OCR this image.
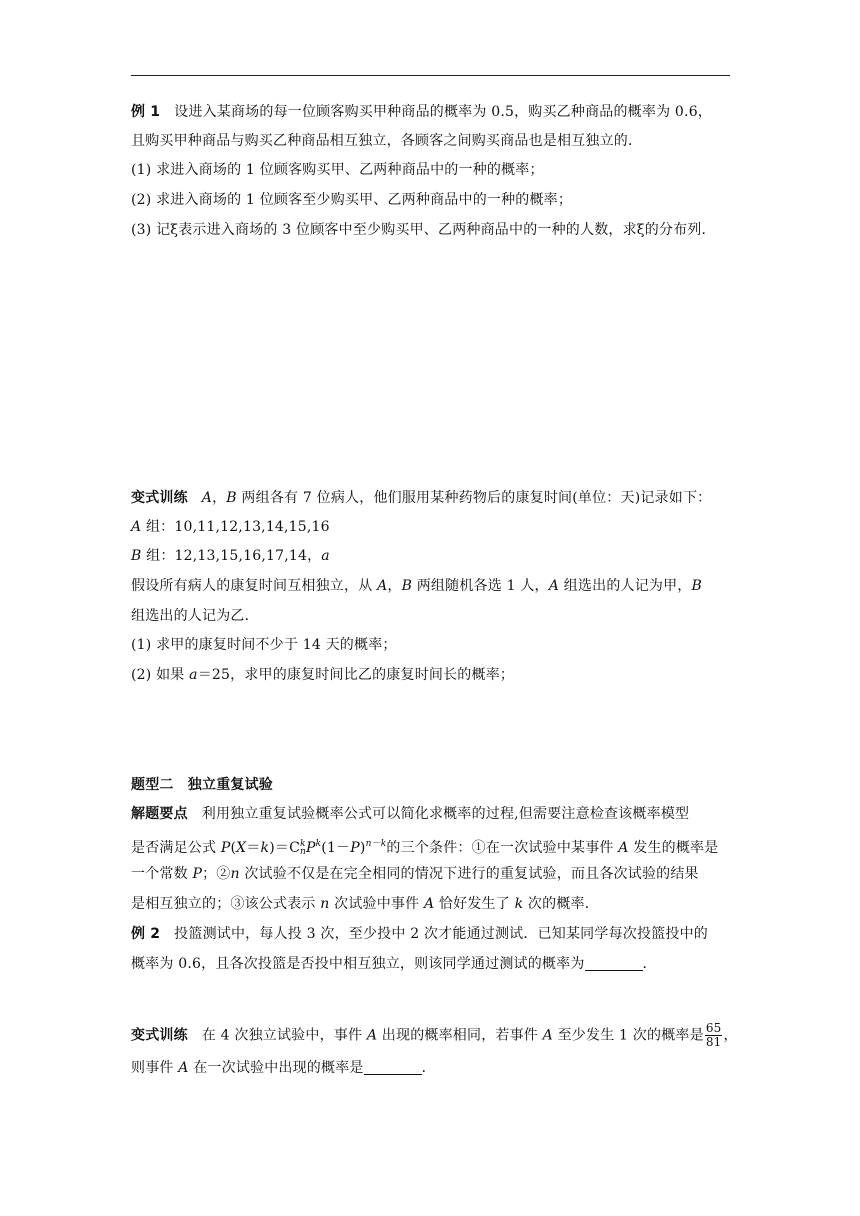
例 1 设进入某商场的每一位顾客购买甲种商品的概率为 0.5，购买乙种商品的概率为 0.6，
且购买甲种商品与购买乙种商品相互独立，各顾客之间购买商品也是相互独立的．
(1) 求进入商场的 1 位顾客购买甲、乙两种商品中的一种的概率；
(2) 求进入商场的 1 位顾客至少购买甲、乙两种商品中的一种的概率；
(3) 记ξ表示进入商场的 3 位顾客中至少购买甲、乙两种商品中的一种的人数，求ξ的分布列．
变式训练 A，B 两组各有 7 位病人，他们服用某种药物后的康复时间(单位：天)记录如下：
A 组：10,11,12,13,14,15,16
B 组：12,13,15,16,17,14，a
假设所有病人的康复时间互相独立，从 A，B 两组随机各选 1 人，A 组选出的人记为甲，B
组选出的人记为乙．
(1) 求甲的康复时间不少于 14 天的概率；
(2) 如果 a＝25，求甲的康复时间比乙的康复时间长的概率；
题型二　独立重复试验
解题要点 利用独立重复试验概率公式可以简化求概率的过程,但需要注意检查该概率模型
是否满足公式 P(X＝k)＝C k
n $P^k(1-P)^{n-k}$的三个条件：①在一次试验中某事件 A 发生的概率是
一个常数 P；②n 次试验不仅是在完全相同的情况下进行的重复试验，而且各次试验的结果
是相互独立的；③该公式表示 n 次试验中事件 A 恰好发生了 k 次的概率．
例 2 投篮测试中，每人投 3 次，至少投中 2 次才能通过测试．已知某同学每次投篮投中的
概率为 0.6，且各次投篮是否投中相互独立，则该同学通过测试的概率为	．
变式训练 在 4 次独立试验中，事件 A 出现的概率相同，若事件 A 至少发生 1 次的概率是 $\frac{65}{81}$ ，
则事件 A 在一次试验中出现的概率是	．
